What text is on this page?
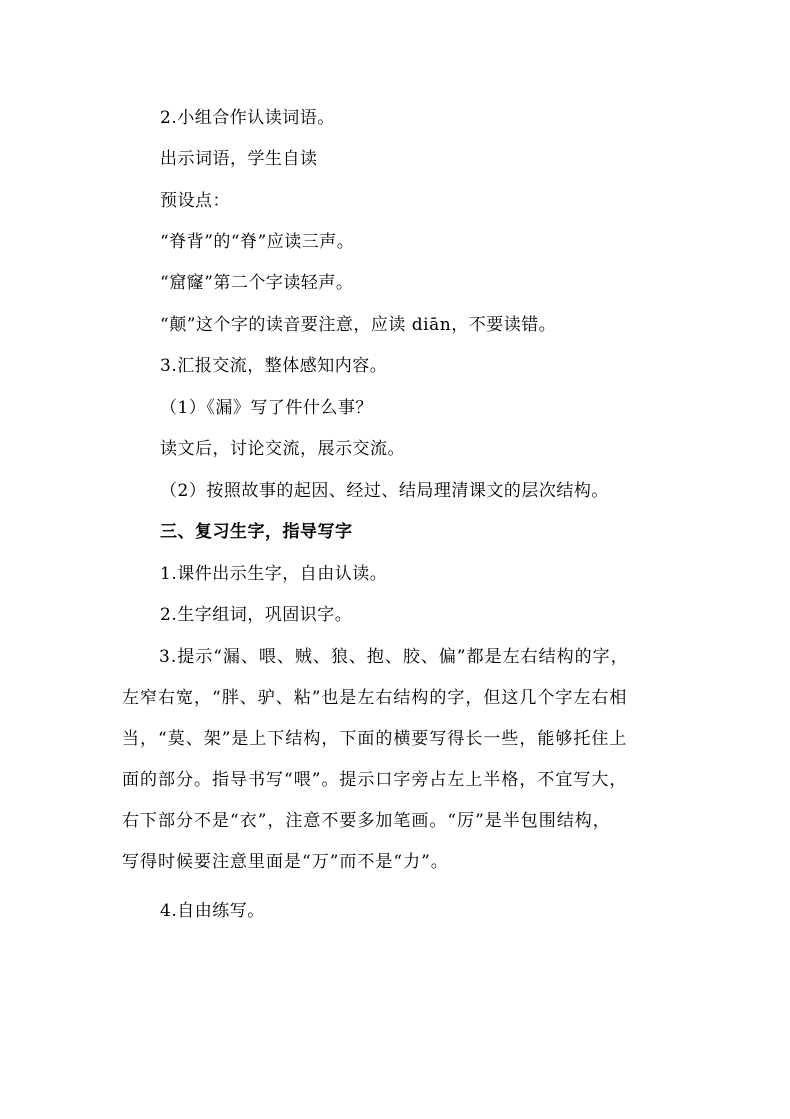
2.小组合作认读词语。
出示词语，学生自读
预设点：
“脊背”的“脊”应读三声。
“窟窿”第二个字读轻声。
“颠”这个字的读音要注意，应读 diān，不要读错。
3.汇报交流，整体感知内容。
（1）《漏》写了件什么事？
读文后，讨论交流，展示交流。
（2）按照故事的起因、经过、结局理清课文的层次结构。
三、复习生字，指导写字
1.课件出示生字，自由认读。
2.生字组词，巩固识字。
3.提示“漏、喂、贼、狼、抱、胶、偏”都是左右结构的字，
左窄右宽，“胖、驴、粘”也是左右结构的字，但这几个字左右相
当，“莫、架”是上下结构，下面的横要写得长一些，能够托住上
面的部分。指导书写“喂”。提示口字旁占左上半格，不宜写大，
右下部分不是“衣”，注意不要多加笔画。“厉”是半包围结构，
写得时候要注意里面是“万”而不是“力”。
4.自由练写。
